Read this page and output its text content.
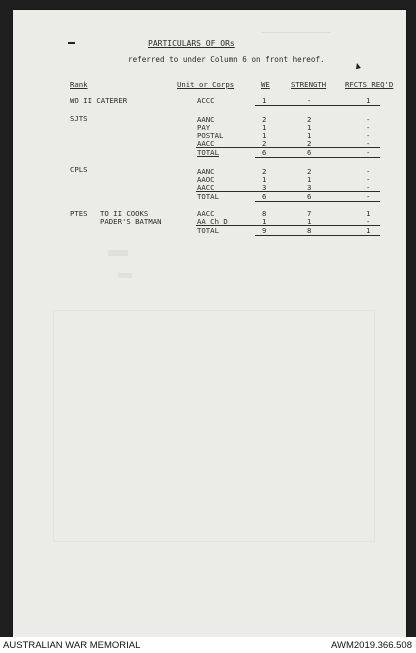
PARTICULARS OF ORs
referred to under Column 6 on front hereof.
Rank	Unit or Corps	WE	STRENGTH	RFCTS REQ'D
WO II CATERER	ACCC	1	-	1
SJTS	AANC	2	2	-
PAY	1	1	-
POSTAL	1	1	-
AACC	2	2	-
TOTAL	6	6	-
CPLS	AANC	2	2	-
AAOC	1	1	-
AACC	3	3	-
TOTAL	6	6	-
PTES TO II COOKS
PADER'S BATMAN
AACC	8	7	1
AA Ch D	1	1	-
TOTAL	9	8	1
AUSTRALIAN WAR MEMORIAL	AWM2019.366.508
